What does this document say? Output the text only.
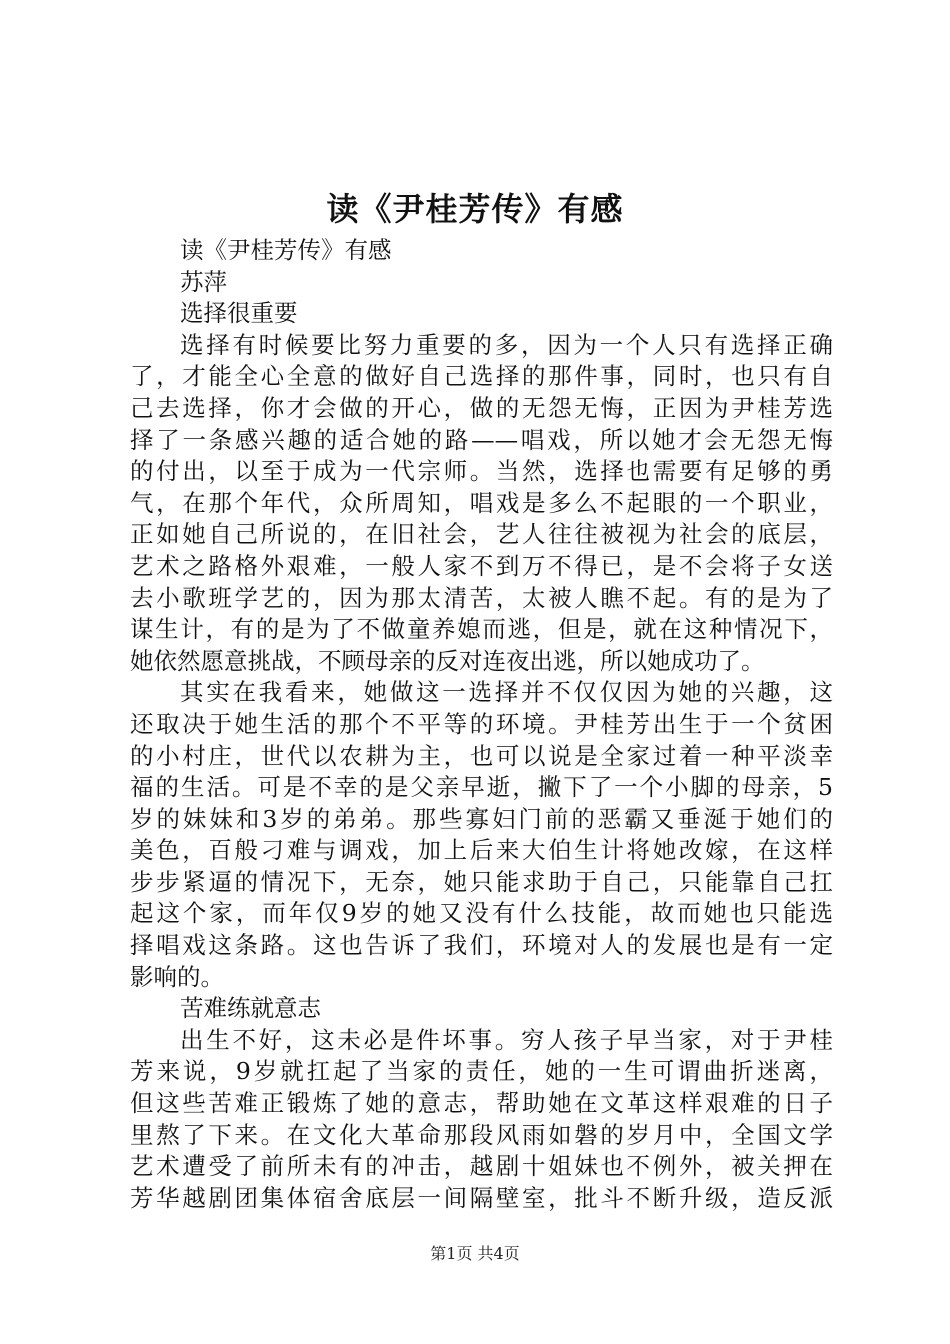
读《尹桂芳传》有感
读《尹桂芳传》有感
苏萍
选择很重要
选择有时候要比努力重要的多，因为一个人只有选择正确
了，才能全心全意的做好自己选择的那件事，同时，也只有自
己去选择，你才会做的开心，做的无怨无悔，正因为尹桂芳选
择了一条感兴趣的适合她的路——唱戏，所以她才会无怨无悔
的付出，以至于成为一代宗师。当然，选择也需要有足够的勇
气，在那个年代，众所周知，唱戏是多么不起眼的一个职业，
正如她自己所说的，在旧社会，艺人往往被视为社会的底层，
艺术之路格外艰难，一般人家不到万不得已，是不会将子女送
去小歌班学艺的，因为那太清苦，太被人瞧不起。有的是为了
谋生计，有的是为了不做童养媳而逃，但是，就在这种情况下，
她依然愿意挑战，不顾母亲的反对连夜出逃，所以她成功了。
其实在我看来，她做这一选择并不仅仅因为她的兴趣，这
还取决于她生活的那个不平等的环境。尹桂芳出生于一个贫困
的小村庄，世代以农耕为主，也可以说是全家过着一种平淡幸
福的生活。可是不幸的是父亲早逝，撇下了一个小脚的母亲，5
岁的妹妹和3岁的弟弟。那些寡妇门前的恶霸又垂涎于她们的
美色，百般刁难与调戏，加上后来大伯生计将她改嫁，在这样
步步紧逼的情况下，无奈，她只能求助于自己，只能靠自己扛
起这个家，而年仅9岁的她又没有什么技能，故而她也只能选
择唱戏这条路。这也告诉了我们，环境对人的发展也是有一定
影响的。
苦难练就意志
出生不好，这未必是件坏事。穷人孩子早当家，对于尹桂
芳来说，9岁就扛起了当家的责任，她的一生可谓曲折迷离，
但这些苦难正锻炼了她的意志，帮助她在文革这样艰难的日子
里熬了下来。在文化大革命那段风雨如磐的岁月中，全国文学
艺术遭受了前所未有的冲击，越剧十姐妹也不例外，被关押在
芳华越剧团集体宿舍底层一间隔壁室，批斗不断升级，造反派
第1页 共4页
